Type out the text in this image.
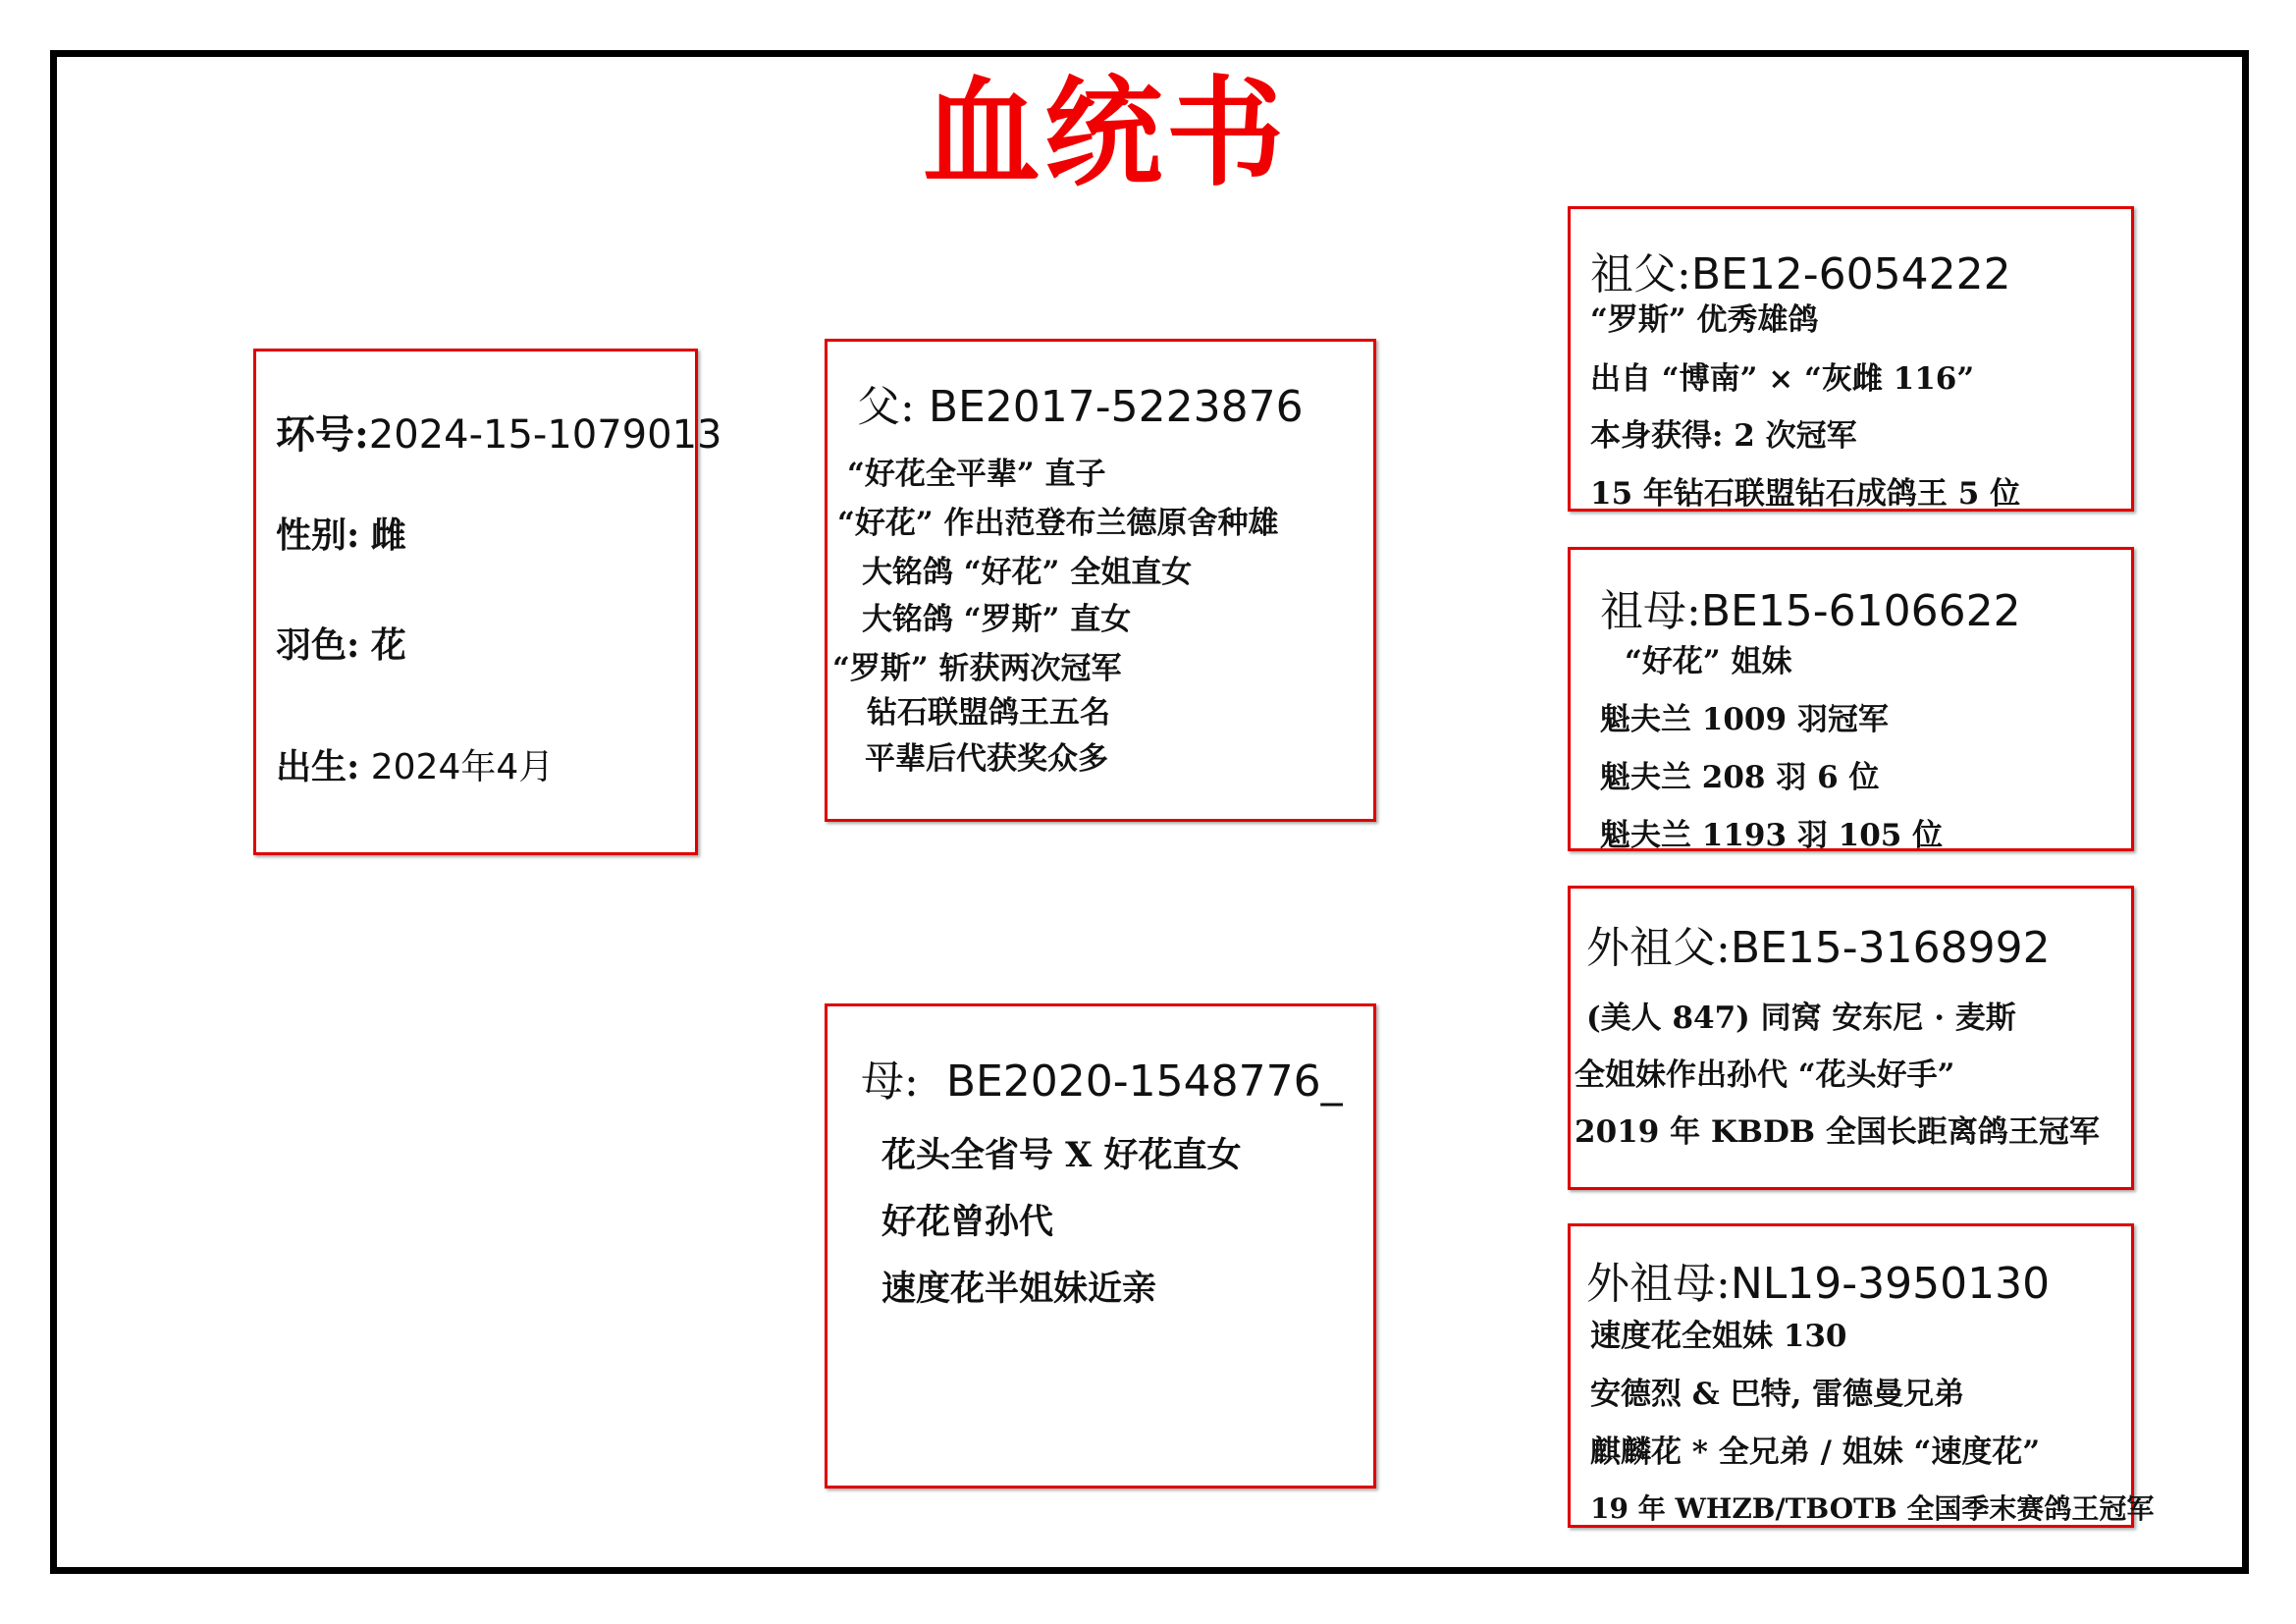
血统书
环号:2024-15-1079013
性别: 雌
羽色: 花
出生: 2024年4月
父: BE2017-5223876
“好花全平辈” 直子
“好花” 作出范登布兰德原舍种雄
大铭鸽 “好花” 全姐直女
大铭鸽 “罗斯” 直女
“罗斯” 斩获两次冠军
钻石联盟鸽王五名
平辈后代获奖众多
母: BE2020-1548776_
花头全省号 X 好花直女
好花曾孙代
速度花半姐妹近亲
祖父:BE12-6054222
“罗斯” 优秀雄鸽
出自 “博南” × “灰雌 116”
本身获得: 2 次冠军
15 年钻石联盟钻石成鸽王 5 位
祖母:BE15-6106622
“好花” 姐妹
魁夫兰 1009 羽冠军
魁夫兰 208 羽 6 位
魁夫兰 1193 羽 105 位
外祖父:BE15-3168992
(美人 847) 同窝 安东尼 · 麦斯
全姐妹作出孙代 “花头好手”
2019 年 KBDB 全国长距离鸽王冠军
外祖母:NL19-3950130
速度花全姐妹 130
安德烈 & 巴特, 雷德曼兄弟
麒麟花 * 全兄弟 / 姐妹 “速度花”
19 年 WHZB/TBOTB 全国季末赛鸽王冠军
